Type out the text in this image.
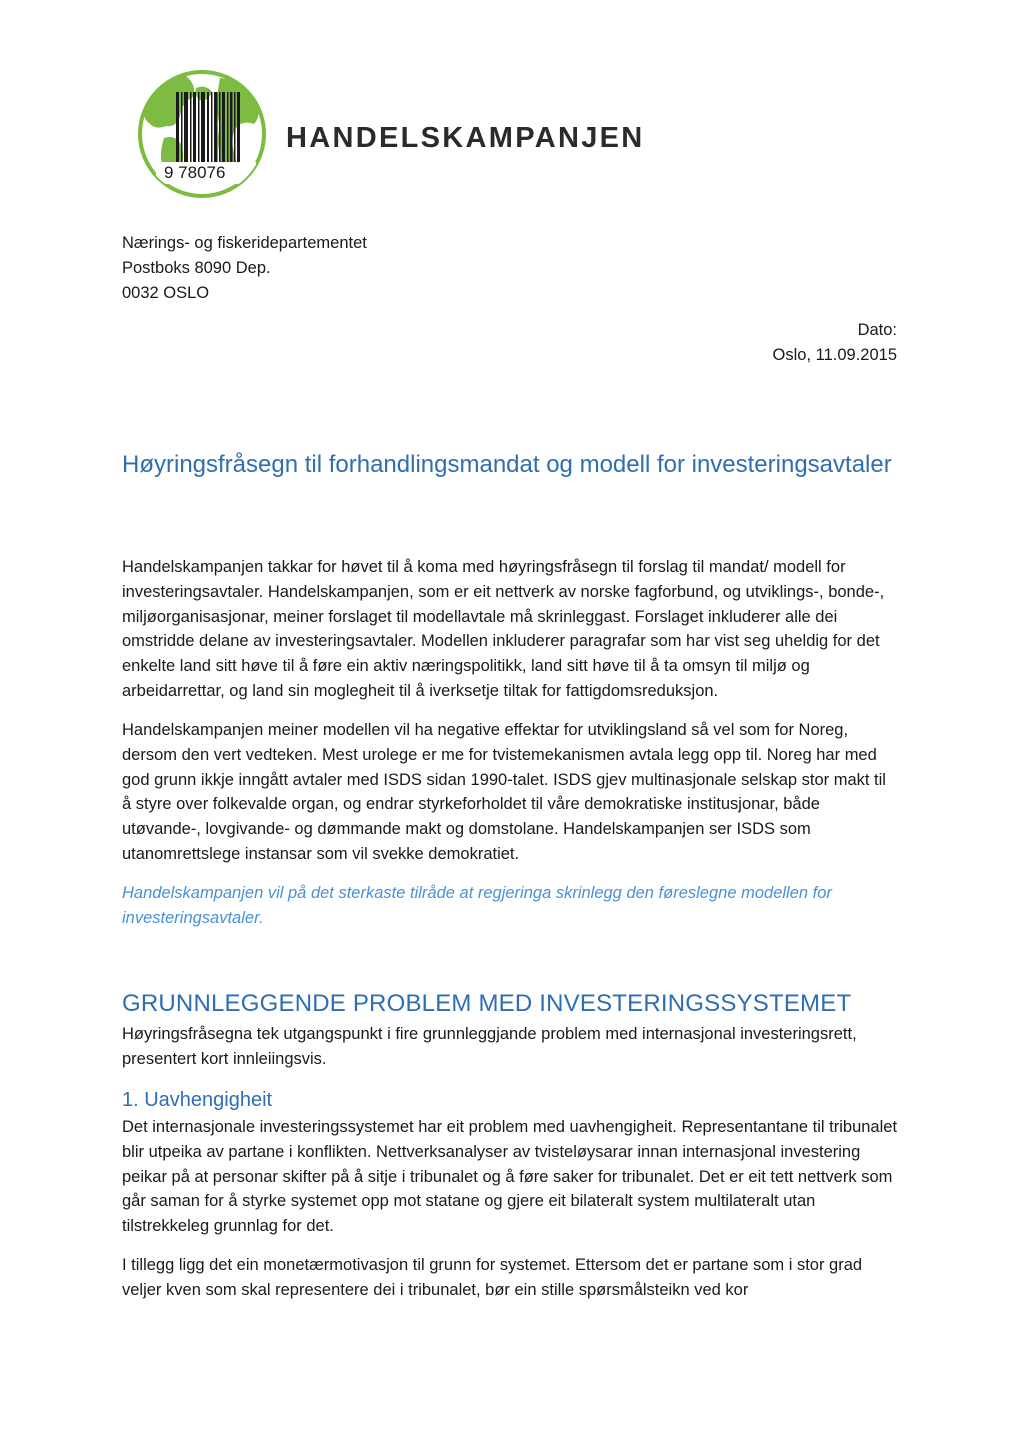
9 78076
HANDELSKAMPANJEN
Nærings- og fiskeridepartementet
Postboks 8090 Dep.
0032 OSLO
Dato:
Oslo, 11.09.2015
Høyringsfråsegn til forhandlingsmandat og modell for investeringsavtaler

Handelskampanjen takkar for høvet til å koma med høyringsfråsegn til forslag til mandat/ modell for investeringsavtaler. Handelskampanjen, som er eit nettverk av norske fagforbund, og utviklings-, bonde-, miljøorganisasjonar, meiner forslaget til modellavtale må skrinleggast. Forslaget inkluderer alle dei omstridde delane av investeringsavtaler. Modellen inkluderer paragrafar som har vist seg uheldig for det enkelte land sitt høve til å føre ein aktiv næringspolitikk, land sitt høve til å ta omsyn til miljø og arbeidarrettar, og land sin moglegheit til å iverksetje tiltak for fattigdomsreduksjon.

Handelskampanjen meiner modellen vil ha negative effektar for utviklingsland så vel som for Noreg, dersom den vert vedteken. Mest urolege er me for tvistemekanismen avtala legg opp til. Noreg har med god grunn ikkje inngått avtaler med ISDS sidan 1990-talet. ISDS gjev multinasjonale selskap stor makt til å styre over folkevalde organ, og endrar styrkeforholdet til våre demokratiske institusjonar, både utøvande-, lovgivande- og dømmande makt og domstolane. Handelskampanjen ser ISDS som utanomrettslege instansar som vil svekke demokratiet.

Handelskampanjen vil på det sterkaste tilråde at regjeringa skrinlegg den føreslegne modellen for investeringsavtaler.

GRUNNLEGGENDE PROBLEM MED INVESTERINGSSYSTEMET

Høyringsfråsegna tek utgangspunkt i fire grunnleggjande problem med internasjonal investeringsrett, presentert kort innleiingsvis.

1. Uavhengigheit

Det internasjonale investeringssystemet har eit problem med uavhengigheit. Representantane til tribunalet blir utpeika av partane i konflikten. Nettverksanalyser av tvisteløysarar innan internasjonal investering peikar på at personar skifter på å sitje i tribunalet og å føre saker for tribunalet. Det er eit tett nettverk som går saman for å styrke systemet opp mot statane og gjere eit bilateralt system multilateralt utan tilstrekkeleg grunnlag for det.

I tillegg ligg det ein monetærmotivasjon til grunn for systemet. Ettersom det er partane som i stor grad veljer kven som skal representere dei i tribunalet, bør ein stille spørsmålsteikn ved kor
